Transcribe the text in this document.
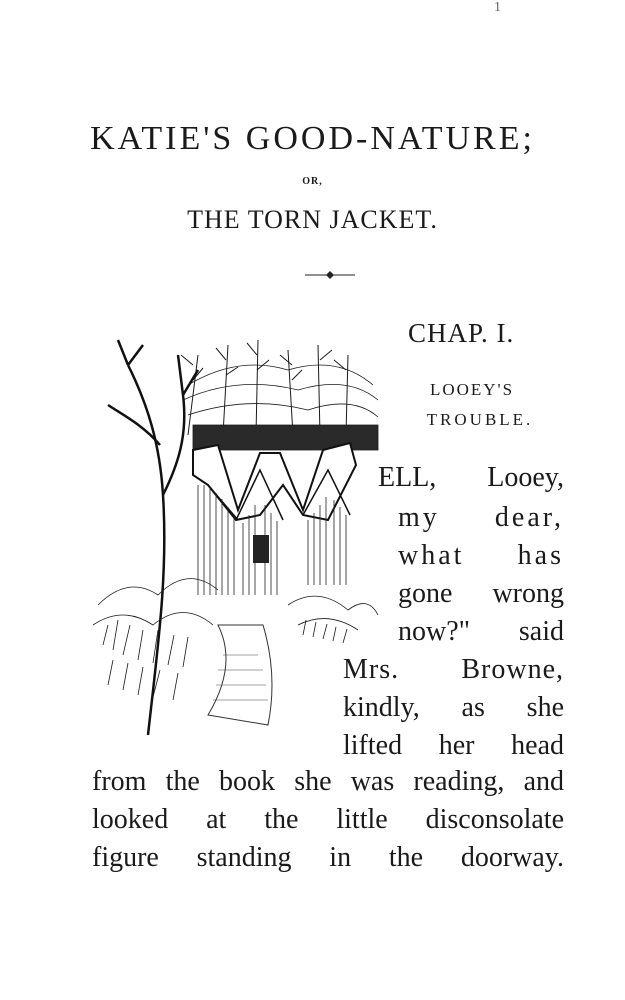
1
KATIE'S GOOD-NATURE;
OR,
THE TORN JACKET.
CHAP. I.
LOOEY'S
TROUBLE.
ELL, Looey,
my dear,
what has
gone wrong
now?" said
Mrs. Browne,
kindly, as she
lifted her head
from the book she was reading, and
looked at the little disconsolate
figure standing in the doorway.
